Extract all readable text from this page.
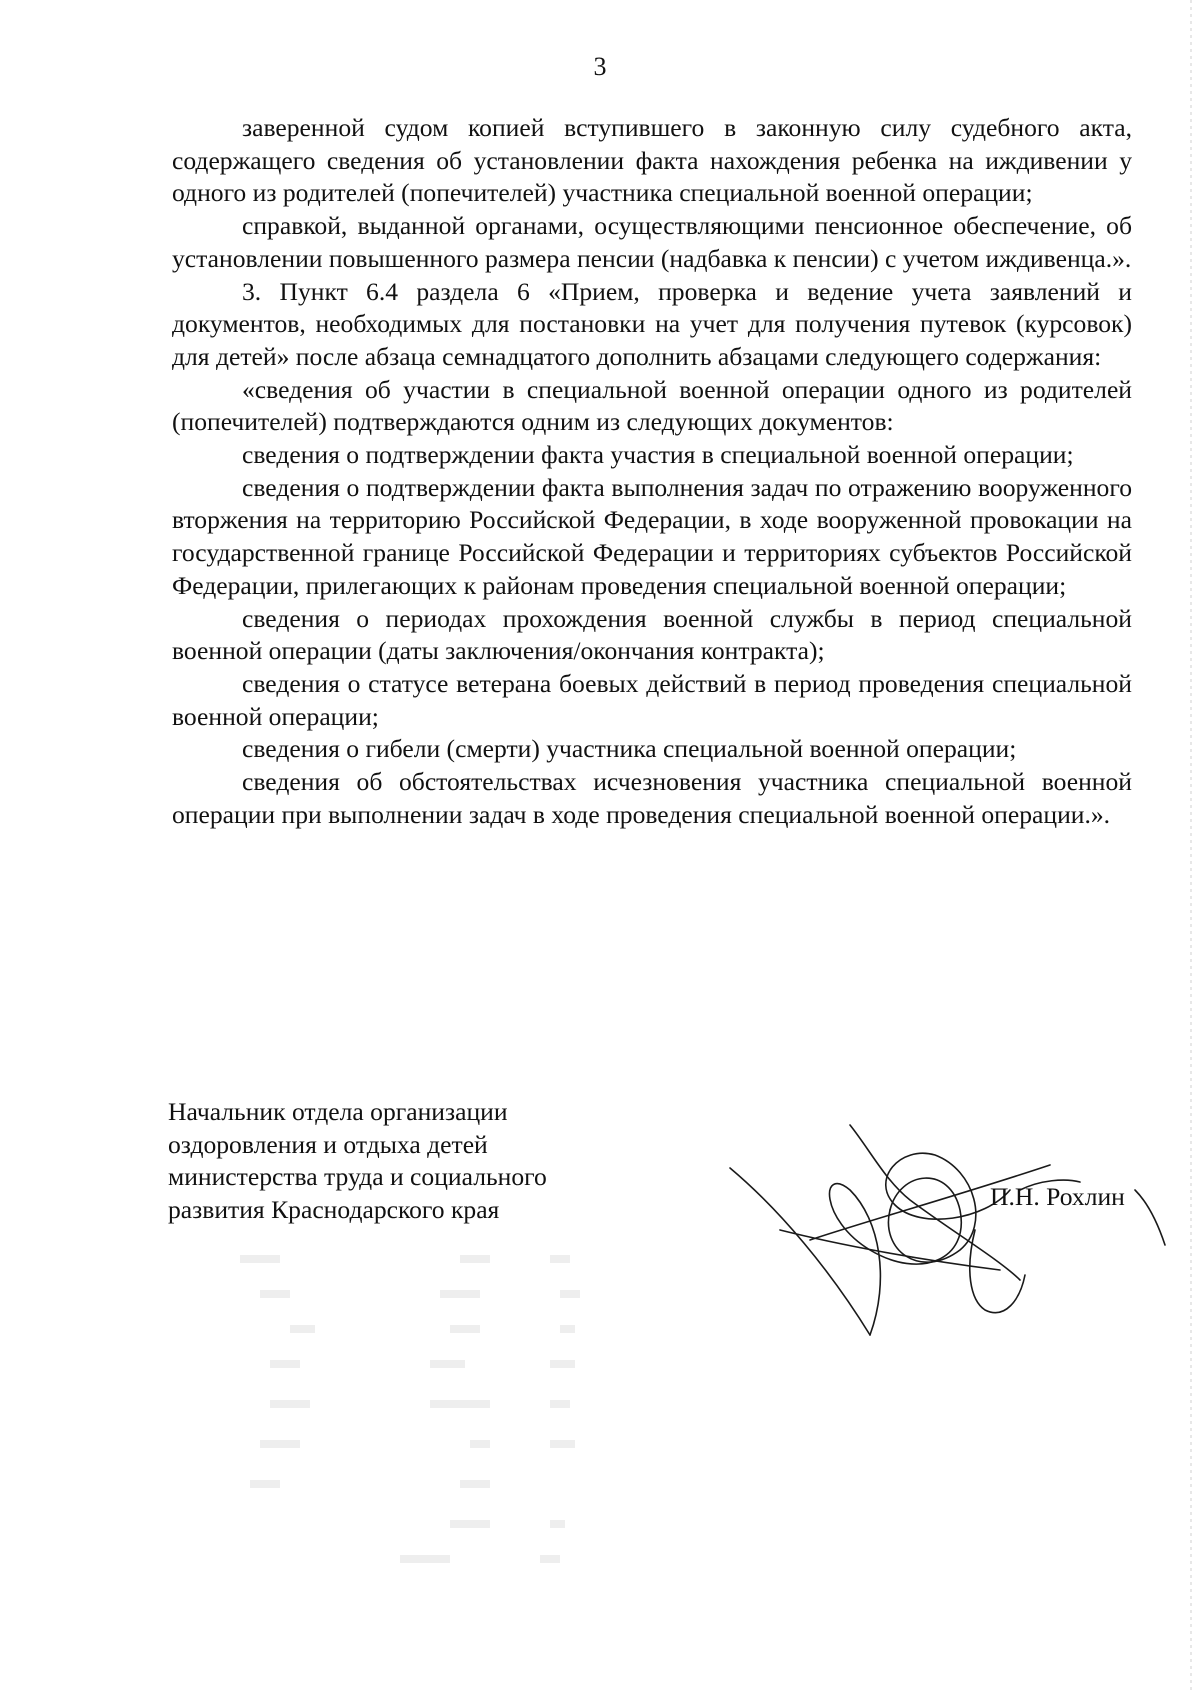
3

заверенной судом копией вступившего в законную силу судебного акта, содержащего сведения об установлении факта нахождения ребенка на иждивении у одного из родителей (попечителей) участника специальной военной операции;

справкой, выданной органами, осуществляющими пенсионное обеспечение, об установлении повышенного размера пенсии (надбавка к пенсии) с учетом иждивенца.».

3. Пункт 6.4 раздела 6 «Прием, проверка и ведение учета заявлений и документов, необходимых для постановки на учет для получения путевок (курсовок) для детей» после абзаца семнадцатого дополнить абзацами следующего содержания:

«сведения об участии в специальной военной операции одного из родителей (попечителей) подтверждаются одним из следующих документов:

сведения о подтверждении факта участия в специальной военной операции;

сведения о подтверждении факта выполнения задач по отражению вооруженного вторжения на территорию Российской Федерации, в ходе вооруженной провокации на государственной границе Российской Федерации и территориях субъектов Российской Федерации, прилегающих к районам проведения специальной военной операции;

сведения о периодах прохождения военной службы в период специальной военной операции (даты заключения/окончания контракта);

сведения о статусе ветерана боевых действий в период проведения специальной военной операции;

сведения о гибели (смерти) участника специальной военной операции;

сведения об обстоятельствах исчезновения участника специальной военной операции при выполнении задач в ходе проведения специальной военной операции.».

Начальник отдела организации
оздоровления и отдыха детей
министерства труда и социального
развития Краснодарского края	П.Н. Рохлин
